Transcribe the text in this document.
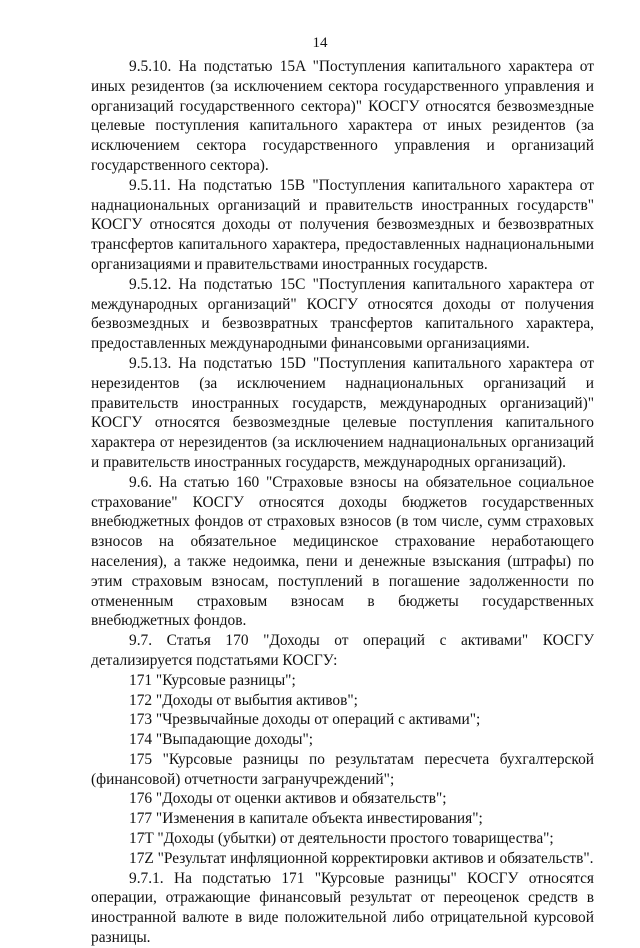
14

9.5.10. На подстатью 15A "Поступления капитального характера от иных резидентов (за исключением сектора государственного управления и организаций государственного сектора)" КОСГУ относятся безвозмездные целевые поступления капитального характера от иных резидентов (за исключением сектора государственного управления и организаций государственного сектора).

9.5.11. На подстатью 15B "Поступления капитального характера от наднациональных организаций и правительств иностранных государств" КОСГУ относятся доходы от получения безвозмездных и безвозвратных трансфертов капитального характера, предоставленных наднациональными организациями и правительствами иностранных государств.

9.5.12. На подстатью 15C "Поступления капитального характера от международных организаций" КОСГУ относятся доходы от получения безвозмездных и безвозвратных трансфертов капитального характера, предоставленных международными финансовыми организациями.

9.5.13. На подстатью 15D "Поступления капитального характера от нерезидентов (за исключением наднациональных организаций и правительств иностранных государств, международных организаций)" КОСГУ относятся безвозмездные целевые поступления капитального характера от нерезидентов (за исключением наднациональных организаций и правительств иностранных государств, международных организаций).

9.6. На статью 160 "Страховые взносы на обязательное социальное страхование" КОСГУ относятся доходы бюджетов государственных внебюджетных фондов от страховых взносов (в том числе, сумм страховых взносов на обязательное медицинское страхование неработающего населения), а также недоимка, пени и денежные взыскания (штрафы) по этим страховым взносам, поступлений в погашение задолженности по отмененным страховым взносам в бюджеты государственных внебюджетных фондов.

9.7. Статья 170 "Доходы от операций с активами" КОСГУ детализируется подстатьями КОСГУ:

171 "Курсовые разницы";

172 "Доходы от выбытия активов";

173 "Чрезвычайные доходы от операций с активами";

174 "Выпадающие доходы";

175 "Курсовые разницы по результатам пересчета бухгалтерской (финансовой) отчетности загранучреждений";

176 "Доходы от оценки активов и обязательств";

177 "Изменения в капитале объекта инвестирования";

17T "Доходы (убытки) от деятельности простого товарищества";

17Z "Результат инфляционной корректировки активов и обязательств".

9.7.1. На подстатью 171 "Курсовые разницы" КОСГУ относятся операции, отражающие финансовый результат от переоценок средств в иностранной валюте в виде положительной либо отрицательной курсовой разницы.
